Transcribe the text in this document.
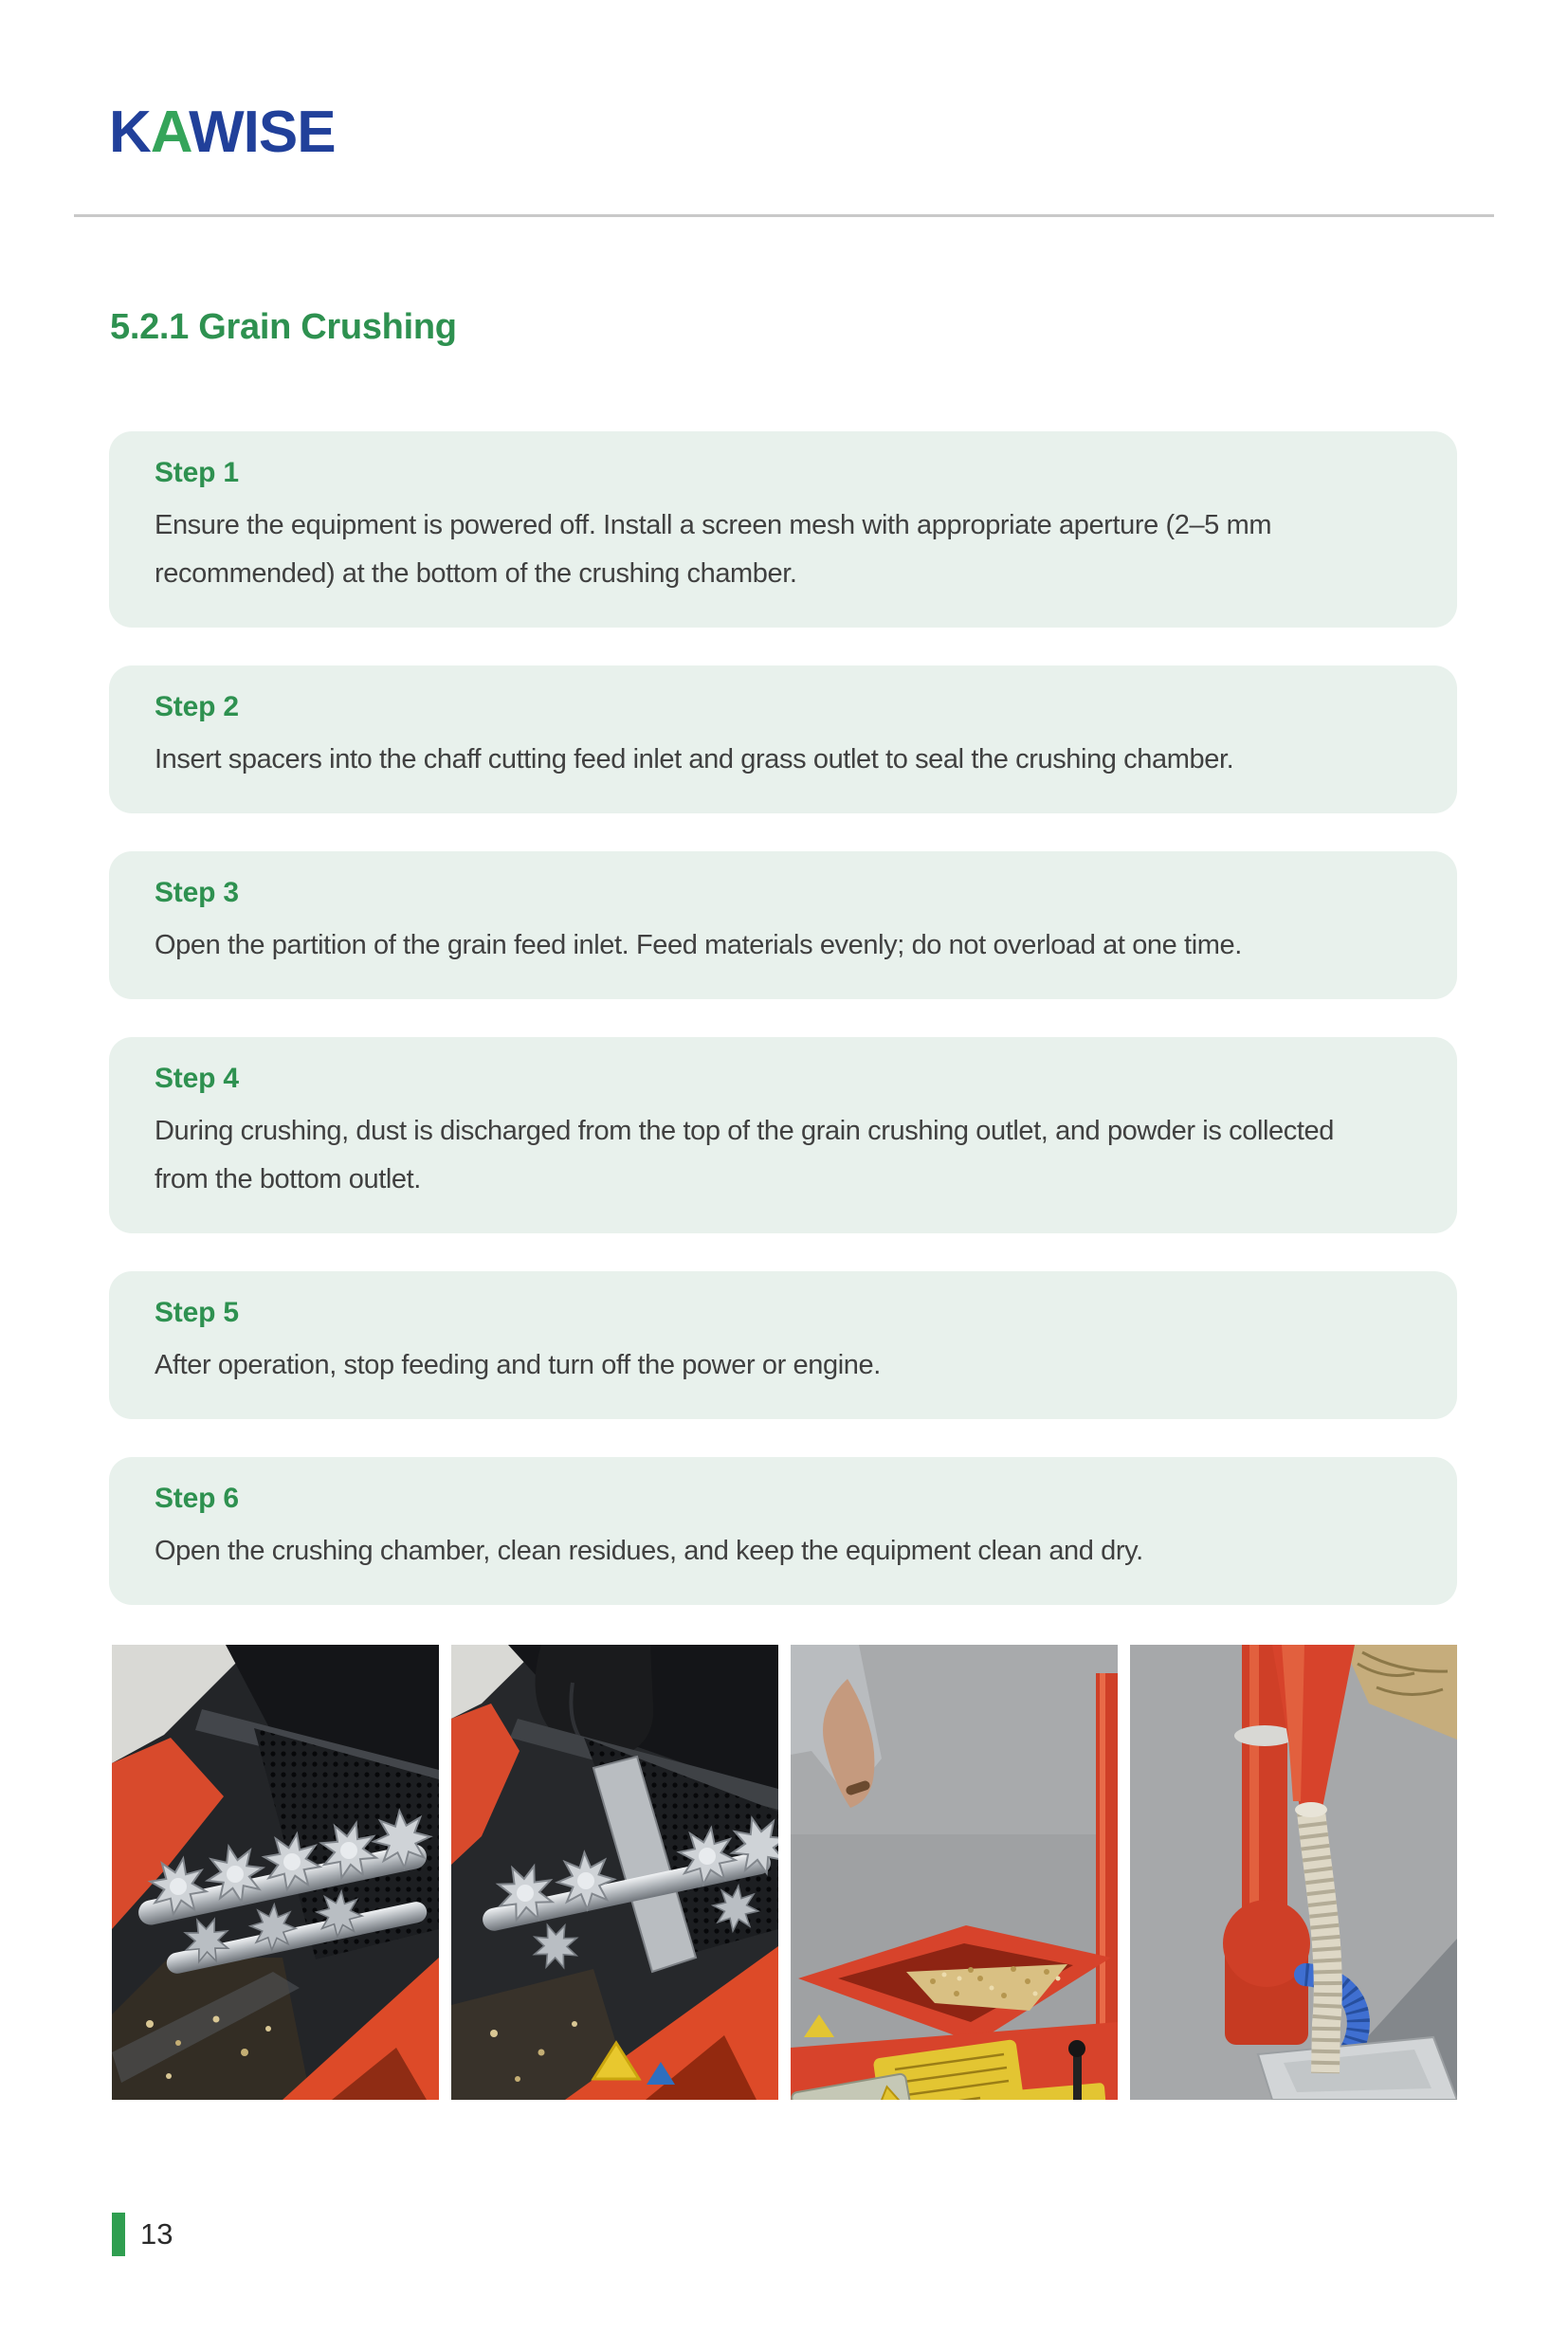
KAWISE
5.2.1 Grain Crushing
Step 1
Ensure the equipment is powered off. Install a screen mesh with appropriate aperture (2–5 mm recommended) at the bottom of the crushing chamber.
Step 2
Insert spacers into the chaff cutting feed inlet and grass outlet to seal the crushing chamber.
Step 3
Open the partition of the grain feed inlet. Feed materials evenly; do not overload at one time.
Step 4
During crushing, dust is discharged from the top of the grain crushing outlet, and powder is collected from the bottom outlet.
Step 5
After operation, stop feeding and turn off the power or engine.
Step 6
Open the crushing chamber, clean residues, and keep the equipment clean and dry.
13
